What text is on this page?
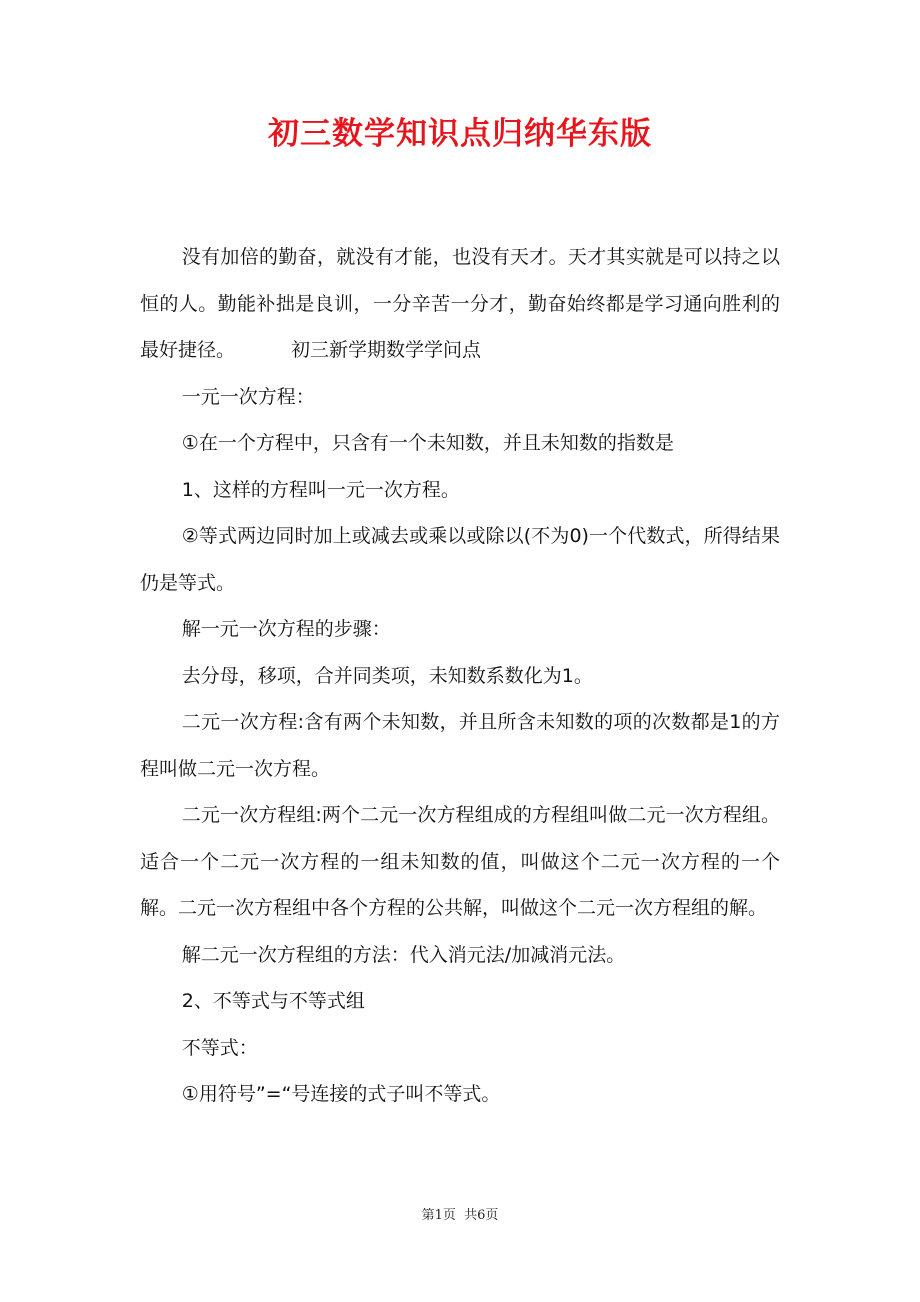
初三数学知识点归纳华东版

没有加倍的勤奋，就没有才能，也没有天才。天才其实就是可以持之以恒的人。勤能补拙是良训，一分辛苦一分才，勤奋始终都是学习通向胜利的最好捷径。	初三新学期数学学问点

一元一次方程：

①在一个方程中，只含有一个未知数，并且未知数的指数是

1、这样的方程叫一元一次方程。

②等式两边同时加上或减去或乘以或除以(不为0)一个代数式，所得结果仍是等式。

解一元一次方程的步骤：

去分母，移项，合并同类项，未知数系数化为1。

二元一次方程:含有两个未知数，并且所含未知数的项的次数都是1的方程叫做二元一次方程。

二元一次方程组:两个二元一次方程组成的方程组叫做二元一次方程组。适合一个二元一次方程的一组未知数的值，叫做这个二元一次方程的一个解。二元一次方程组中各个方程的公共解，叫做这个二元一次方程组的解。

解二元一次方程组的方法：代入消元法/加减消元法。

2、不等式与不等式组

不等式：

①用符号”=“号连接的式子叫不等式。

第1页 共6页
